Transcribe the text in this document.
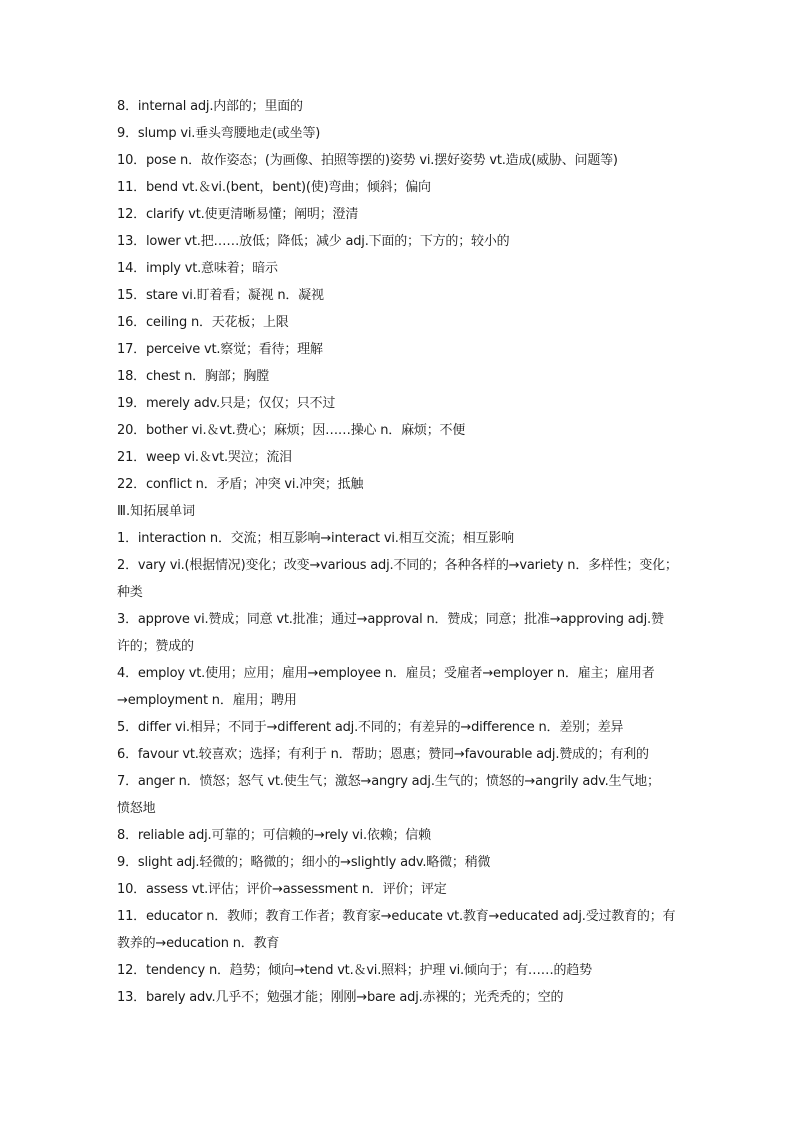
8．internal adj.内部的；里面的
9．slump vi.垂头弯腰地走(或坐等)
10．pose n．故作姿态；(为画像、拍照等摆的)姿势 vi.摆好姿势 vt.造成(威胁、问题等)
11．bend vt.＆vi.(bent，bent)(使)弯曲；倾斜；偏向
12．clarify vt.使更清晰易懂；阐明；澄清
13．lower vt.把……放低；降低；减少 adj.下面的；下方的；较小的
14．imply vt.意味着；暗示
15．stare vi.盯着看；凝视 n．凝视
16．ceiling n．天花板；上限
17．perceive vt.察觉；看待；理解
18．chest n．胸部；胸膛
19．merely adv.只是；仅仅；只不过
20．bother vi.＆vt.费心；麻烦；因……操心 n．麻烦；不便
21．weep vi.＆vt.哭泣；流泪
22．conflict n．矛盾；冲突 vi.冲突；抵触
Ⅲ.知拓展单词
1．interaction n．交流；相互影响→interact vi.相互交流；相互影响
2．vary vi.(根据情况)变化；改变→various adj.不同的；各种各样的→variety n．多样性；变化；
种类
3．approve vi.赞成；同意 vt.批准；通过→approval n．赞成；同意；批准→approving adj.赞
许的；赞成的
4．employ vt.使用；应用；雇用→employee n．雇员；受雇者→employer n．雇主；雇用者
→employment n．雇用；聘用
5．differ vi.相异；不同于→different adj.不同的；有差异的→difference n．差别；差异
6．favour vt.较喜欢；选择；有利于 n．帮助；恩惠；赞同→favourable adj.赞成的；有利的
7．anger n．愤怒；怒气 vt.使生气；激怒→angry adj.生气的；愤怒的→angrily adv.生气地；
愤怒地
8．reliable adj.可靠的；可信赖的→rely vi.依赖；信赖
9．slight adj.轻微的；略微的；细小的→slightly adv.略微；稍微
10．assess vt.评估；评价→assessment n．评价；评定
11．educator n．教师；教育工作者；教育家→educate vt.教育→educated adj.受过教育的；有
教养的→education n．教育
12．tendency n．趋势；倾向→tend vt.＆vi.照料；护理 vi.倾向于；有……的趋势
13．barely adv.几乎不；勉强才能；刚刚→bare adj.赤裸的；光秃秃的；空的
